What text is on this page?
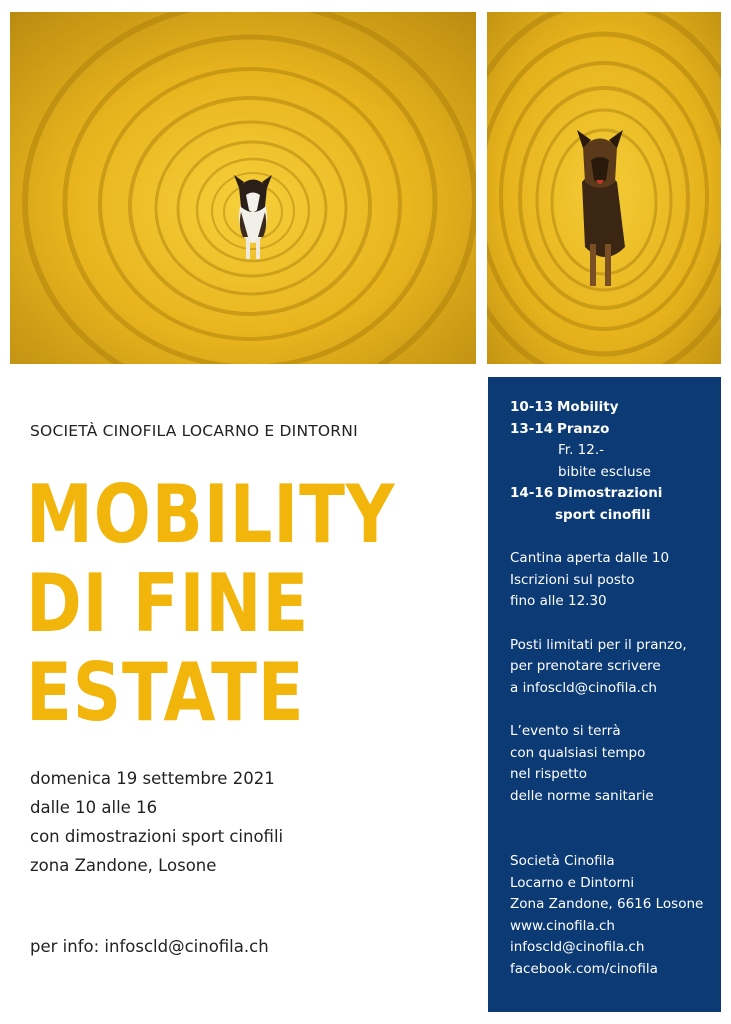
SOCIETÀ CINOFILA LOCARNO E DINTORNI
MOBILITY
DI FINE
ESTATE
domenica 19 settembre 2021
dalle 10 alle 16
con dimostrazioni sport cinofili
zona Zandone, Losone
per info: infoscld@cinofila.ch
10-13 Mobility
13-14 Pranzo
Fr. 12.-
bibite escluse
14-16 Dimostrazioni
sport cinofili
Cantina aperta dalle 10
Iscrizioni sul posto
fino alle 12.30
Posti limitati per il pranzo,
per prenotare scrivere
a infoscld@cinofila.ch
L’evento si terrà
con qualsiasi tempo
nel rispetto
delle norme sanitarie
Società Cinofila
Locarno e Dintorni
Zona Zandone, 6616 Losone
www.cinofila.ch
infoscld@cinofila.ch
facebook.com/cinofila
